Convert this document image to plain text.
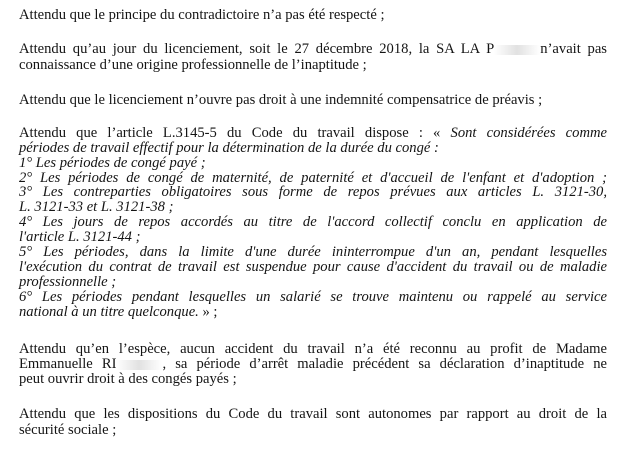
Attendu que le principe du contradictoire n’a pas été respecté ;
Attendu qu’au jour du licenciement, soit le 27 décembre 2018, la SA LA P	n’avait pas
connaissance d’une origine professionnelle de l’inaptitude ;
Attendu que le licenciement n’ouvre pas droit à une indemnité compensatrice de préavis ;
Attendu que l’article L.3145-5 du Code du travail dispose : « Sont considérées comme
périodes de travail effectif pour la détermination de la durée du congé :
1° Les périodes de congé payé ;
2° Les périodes de congé de maternité, de paternité et d'accueil de l'enfant et d'adoption ;
3° Les contreparties obligatoires sous forme de repos prévues aux articles L. 3121-30,
L. 3121-33 et L. 3121-38 ;
4° Les jours de repos accordés au titre de l'accord collectif conclu en application de
l'article L. 3121-44 ;
5° Les périodes, dans la limite d'une durée ininterrompue d'un an, pendant lesquelles
l'exécution du contrat de travail est suspendue pour cause d'accident du travail ou de maladie
professionnelle ;
6° Les périodes pendant lesquelles un salarié se trouve maintenu ou rappelé au service
national à un titre quelconque. » ;
Attendu qu’en l’espèce, aucun accident du travail n’a été reconnu au profit de Madame
Emmanuelle RI	, sa période d’arrêt maladie précédent sa déclaration d’inaptitude ne
peut ouvrir droit à des congés payés ;
Attendu que les dispositions du Code du travail sont autonomes par rapport au droit de la
sécurité sociale ;
